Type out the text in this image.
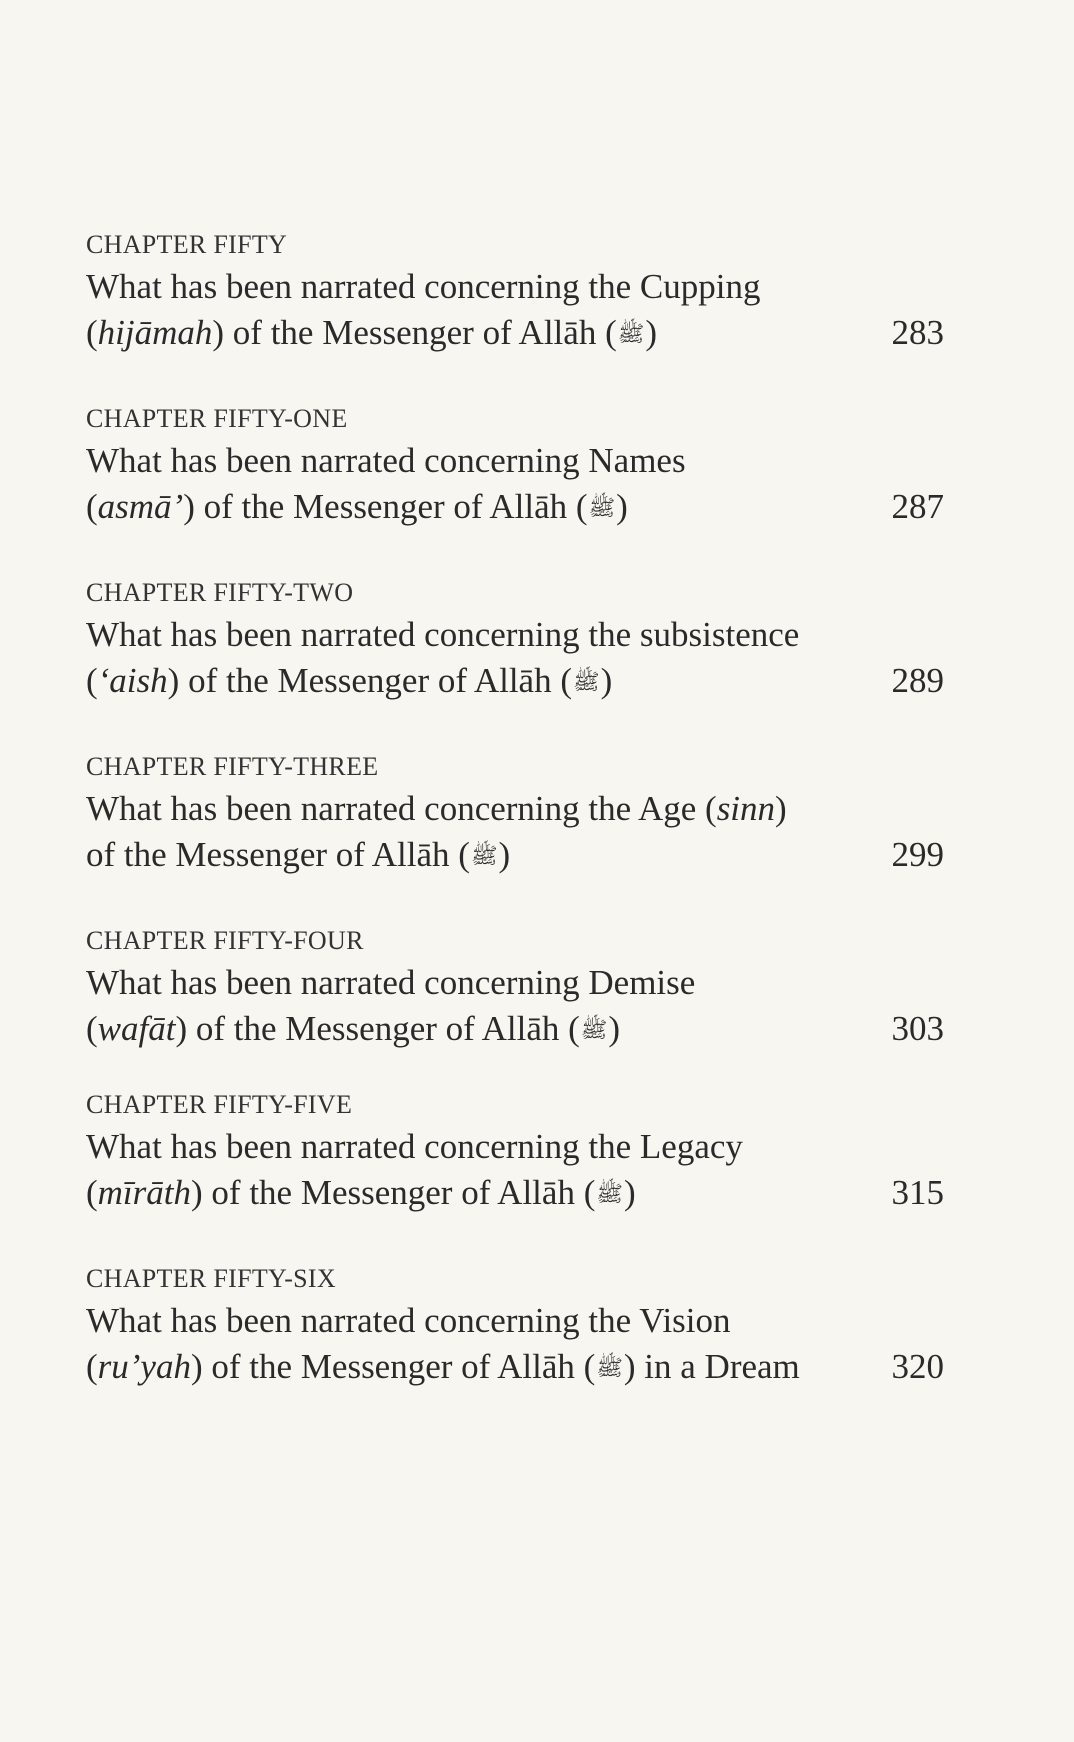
CHAPTER FIFTY
What has been narrated concerning the Cupping
(hijāmah) of the Messenger of Allāh (ﷺ)	283
CHAPTER FIFTY-ONE
What has been narrated concerning Names
(asmā’) of the Messenger of Allāh (ﷺ)	287
CHAPTER FIFTY-TWO
What has been narrated concerning the subsistence
(‘aish) of the Messenger of Allāh (ﷺ)	289
CHAPTER FIFTY-THREE
What has been narrated concerning the Age (sinn)
of the Messenger of Allāh (ﷺ)	299
CHAPTER FIFTY-FOUR
What has been narrated concerning Demise
(wafāt) of the Messenger of Allāh (ﷺ)	303
CHAPTER FIFTY-FIVE
What has been narrated concerning the Legacy
(mīrāth) of the Messenger of Allāh (ﷺ)	315
CHAPTER FIFTY-SIX
What has been narrated concerning the Vision
(ru’yah) of the Messenger of Allāh (ﷺ) in a Dream	320
